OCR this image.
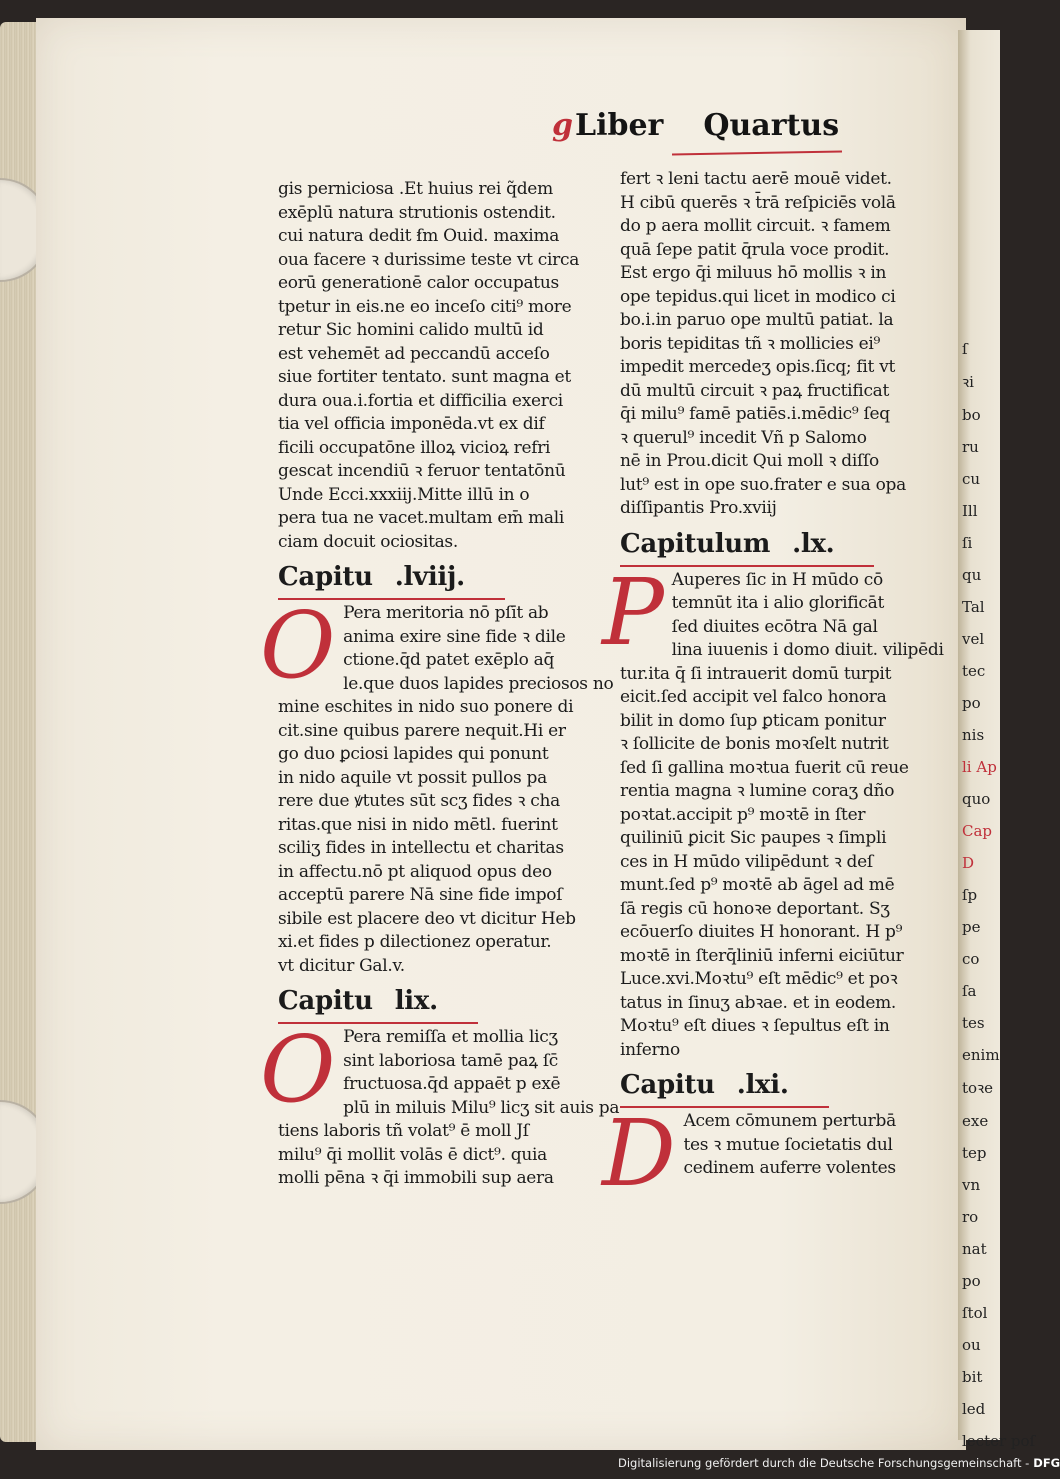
gLiber Quartus
gis perniciosa .Et huius rei q̃dem
exēplū natura strutionis ostendit.
cui natura dedit ẜm Ouid. maxima
oua facere ꝛ durissime teste vt circa
eorū generationē calor occupatus
tpetur in eis.ne eo inceſo citi⁹ more
retur Sic homini calido multū id
est vehemēt ad peccandū acceſo
siue fortiter tentato. sunt magna et
dura oua.i.fortia et difficilia exerci
tia vel officia imponēda.vt ex dif
ficili occupatōne illoꝝ vicioꝝ refri
gescat incendiū ꝛ feruor tentatōnū
Unde Ecci.xxxiij.Mitte illū in o
pera tua ne vacet.multam em̄ mali
ciam docuit ociositas.
Capitu .lviij.
O Pera meritoria nō pſīt ab
anima exire sine fide ꝛ dile
ctione.q̄d patet exēplo aq̄
le.que duos lapides preciosos no
mine eschites in nido suo ponere di
cit.sine quibus parere nequit.Hi er
go duo ꝑciosi lapides qui ponunt
in nido aquile vt possit pullos pa
rere due ꝟtutes sūt scʒ fides ꝛ cha
ritas.que nisi in nido mētl. fuerint
sciliʒ fides in intellectu et charitas
in affectu.nō pt aliquod opus deo
acceptū parere Nā sine fide impoſ
sibile est placere deo vt dicitur Heb
xi.et fides p dilectionez operatur.
vt dicitur Gal.v.
Capitu lix.
O Pera remiſſa et mollia licʒ
sint laboriosa tamē paꝝ ſc̄
fructuosa.q̄d appaēt p exē
plū in miluis Milu⁹ licʒ sit auis pa
tiens laboris tñ volat⁹ ē moll Jſ
milu⁹ q̄i mollit volās ē dict⁹. quia
molli pēna ꝛ q̄i immobili sup aera
fert ꝛ leni tactu aerē mouē videt.
H cibū querēs ꝛ t̄rā reſpiciēs volā
do p aera mollit circuit. ꝛ famem
quā ſepe patit q̄rula voce prodit.
Est ergo q̄i miluus hō mollis ꝛ in
ope tepidus.qui licet in modico ci
bo.i.in paruo ope multū patiat. la
boris tepiditas tñ ꝛ mollicies ei⁹
impedit mercedeʒ opis.ſicq; fit vt
dū multū circuit ꝛ paꝝ fructificat
q̄i milu⁹ famē patiēs.i.mēdic⁹ ſeq
ꝛ querul⁹ incedit Vñ p Salomo
nē in Prou.dicit Qui moll ꝛ diſſo
lut⁹ est in ope suo.frater e sua opa
diſſipantis Pro.xviij
Capitulum .lx.
P Auperes ſic in H mūdo cō
temnūt ita i alio glorificāt
ſed diuites ecōtra Nā gal
lina iuuenis i domo diuit. vilipēdi
tur.ita q̄ ſi intrauerit domū turpit
eicit.ſed accipit vel falco honora
bilit in domo ſup ꝑticam ponitur
ꝛ ſollicite de bonis moꝛſelt nutrit
ſed ſi gallina moꝛtua fuerit cū reue
rentia magna ꝛ lumine coraʒ dño
poꝛtat.accipit p⁹ moꝛtē in ſter
quiliniū ꝑicit Sic paupes ꝛ ſimpli
ces in H mūdo vilipēdunt ꝛ deſ
munt.ſed p⁹ moꝛtē ab āgel ad mē
ſā regis cū honoꝛe deportant. Sʒ
ecōuerſo diuites H honorant. H p⁹
moꝛtē in ſterq̄liniū inferni eiciūtur
Luce.xvi.Moꝛtu⁹ eſt mēdic⁹ et poꝛ
tatus in ſinuʒ abꝛae. et in eodem.
Moꝛtu⁹ eſt diues ꝛ ſepultus eſt in
inferno
Capitu .lxi.
D Acem cōmunem perturbā
tes ꝛ mutue ſocietatis dul
cedinem auferre volentes
ſ
ꝛi
bo
ru
cu
Ill
ſi
qu
Tal
vel
tec
po
nis
li Ap
quo
Cap
D
ſp
pe
co
ſa
tes
enim
toꝛe
exe
tep
vn
ro
nat
po
ſtol
ou
bit
led
lecter poſ
Digitalisierung gefördert durch die Deutsche Forschungsgemeinschaft - DFG
